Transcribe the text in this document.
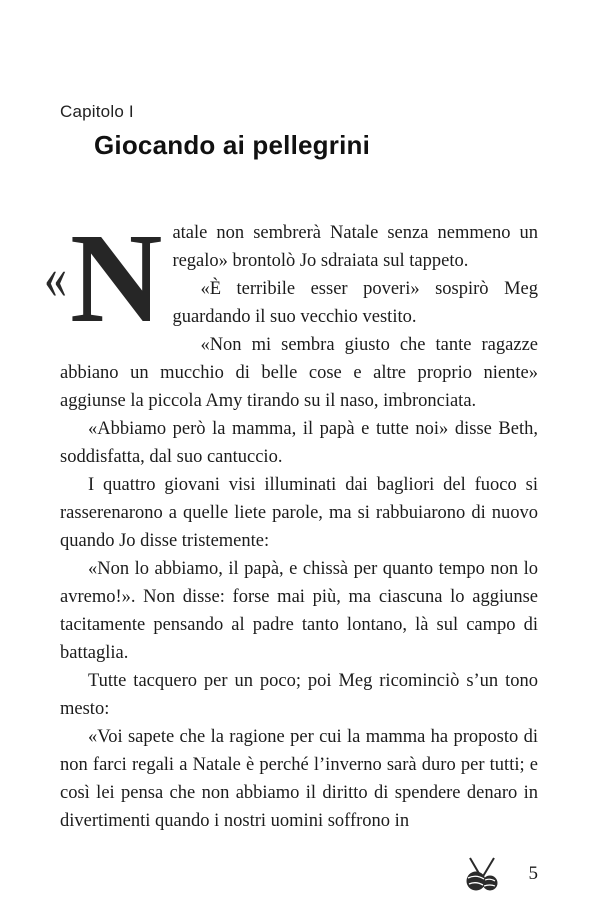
Capitolo I

Giocando ai pellegrini
« N atale non sembrerà Natale senza nemmeno un regalo» brontolò Jo sdraiata sul tappeto.

«È terribile esser poveri» sospirò Meg guardando il suo vecchio vestito.

«Non mi sembra giusto che tante ragazze abbiano un mucchio di belle cose e altre proprio niente» aggiunse la piccola Amy tirando su il naso, imbronciata.

«Abbiamo però la mamma, il papà e tutte noi» disse Beth, soddisfatta, dal suo cantuccio.

I quattro giovani visi illuminati dai bagliori del fuoco si rasserenarono a quelle liete parole, ma si rabbuiarono di nuovo quando Jo disse tristemente:

«Non lo abbiamo, il papà, e chissà per quanto tempo non lo avremo!». Non disse: forse mai più, ma ciascuna lo aggiunse tacitamente pensando al padre tanto lontano, là sul campo di battaglia.

Tutte tacquero per un poco; poi Meg ricominciò s’un tono mesto:

«Voi sapete che la ragione per cui la mamma ha proposto di non farci regali a Natale è perché l’inverno sarà duro per tutti; e così lei pensa che non abbiamo il diritto di spendere denaro in divertimenti quando i nostri uomini soffrono in

5
